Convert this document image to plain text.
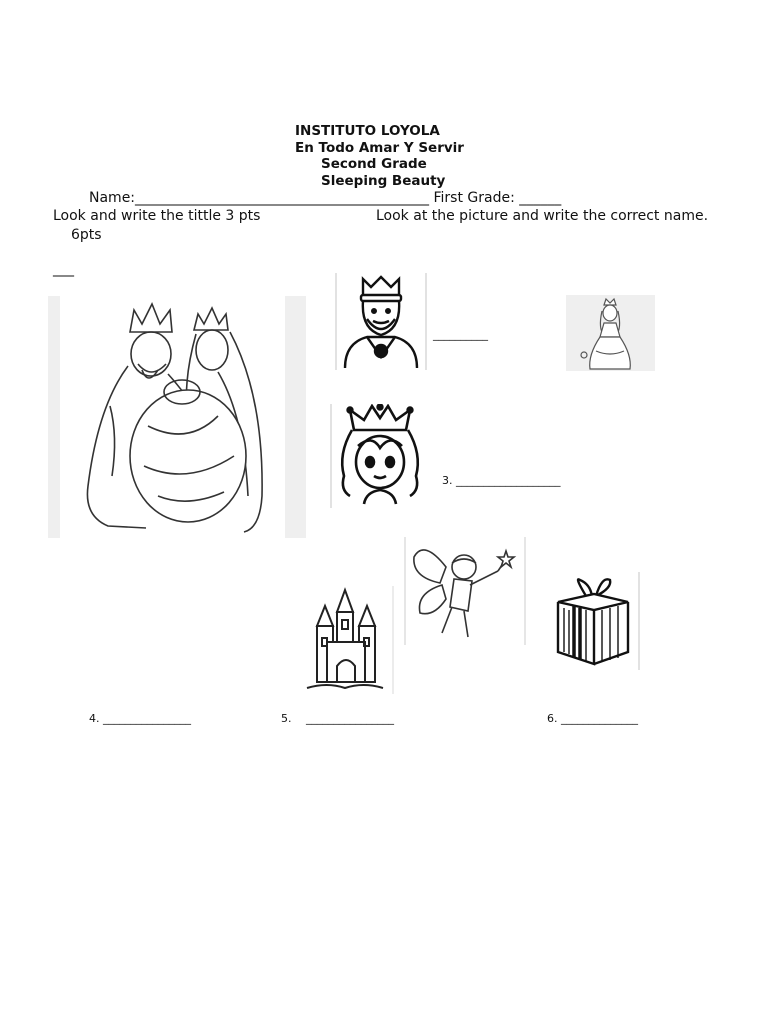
INSTITUTO LOYOLA
En Todo Amar Y Servir
Second Grade
Sleeping Beauty
Name:__________________________________________ First Grade: ______
Look and write the tittle 3 pts	Look at the picture and write the correct name.
6pts
___
__________
3. ___________________
4. ________________	5. ________________	6. ______________
